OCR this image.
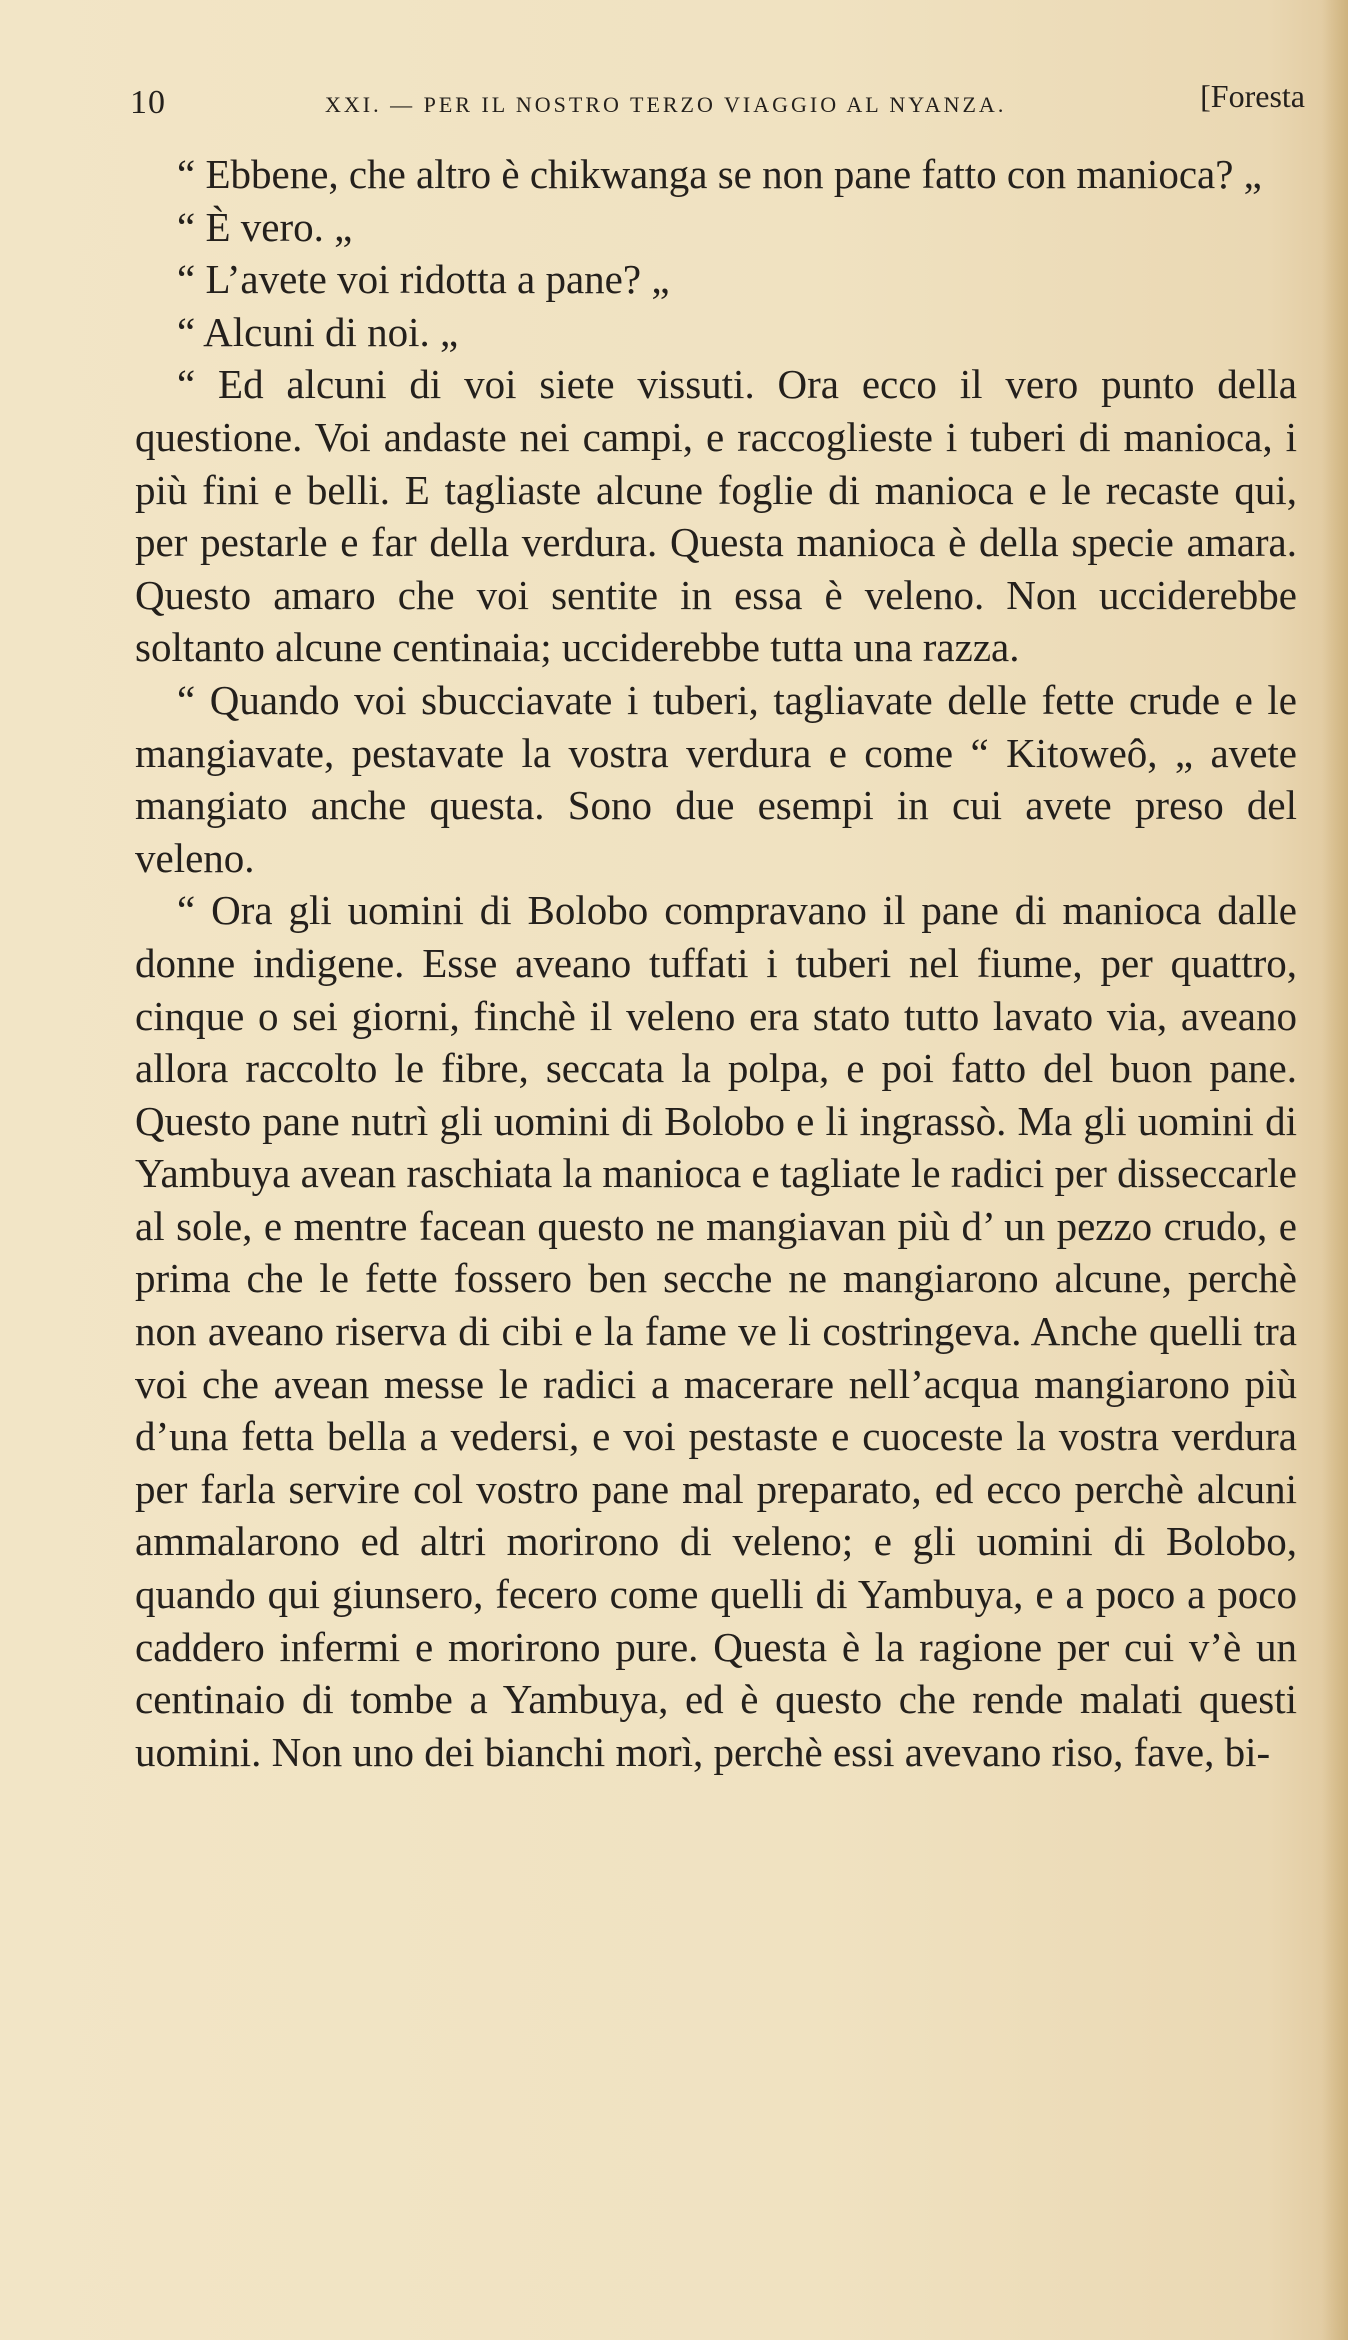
10	XXI. — PER IL NOSTRO TERZO VIAGGIO AL NYANZA.	[Foresta

“ Ebbene, che altro è chikwanga se non pane fatto con manioca? „

“ È vero. „

“ L’avete voi ridotta a pane? „

“ Alcuni di noi. „

“ Ed alcuni di voi siete vissuti. Ora ecco il vero punto della questione. Voi andaste nei campi, e raccoglieste i tuberi di manioca, i più fini e belli. E tagliaste alcune foglie di manioca e le recaste qui, per pestarle e far della verdura. Questa manioca è della specie amara. Questo amaro che voi sentite in essa è veleno. Non ucciderebbe soltanto alcune centinaia; ucciderebbe tutta una razza.

“ Quando voi sbucciavate i tuberi, tagliavate delle fette crude e le mangiavate, pestavate la vostra verdura e come “ Kitoweô, „ avete mangiato anche questa. Sono due esempi in cui avete preso del veleno.

“ Ora gli uomini di Bolobo compravano il pane di manioca dalle donne indigene. Esse aveano tuffati i tuberi nel fiume, per quattro, cinque o sei giorni, finchè il veleno era stato tutto lavato via, aveano allora raccolto le fibre, seccata la polpa, e poi fatto del buon pane. Questo pane nutrì gli uomini di Bolobo e li ingrassò. Ma gli uomini di Yambuya avean raschiata la manioca e tagliate le radici per disseccarle al sole, e mentre facean questo ne mangiavan più d’ un pezzo crudo, e prima che le fette fossero ben secche ne mangiarono alcune, perchè non aveano riserva di cibi e la fame ve li costringeva. Anche quelli tra voi che avean messe le radici a macerare nell’acqua mangiarono più d’una fetta bella a vedersi, e voi pestaste e cuoceste la vostra verdura per farla servire col vostro pane mal preparato, ed ecco perchè alcuni ammalarono ed altri morirono di veleno; e gli uomini di Bolobo, quando qui giunsero, fecero come quelli di Yambuya, e a poco a poco caddero infermi e morirono pure. Questa è la ragione per cui v’è un centinaio di tombe a Yambuya, ed è questo che rende malati questi uomini. Non uno dei bianchi morì, perchè essi avevano riso, fave, bi-
